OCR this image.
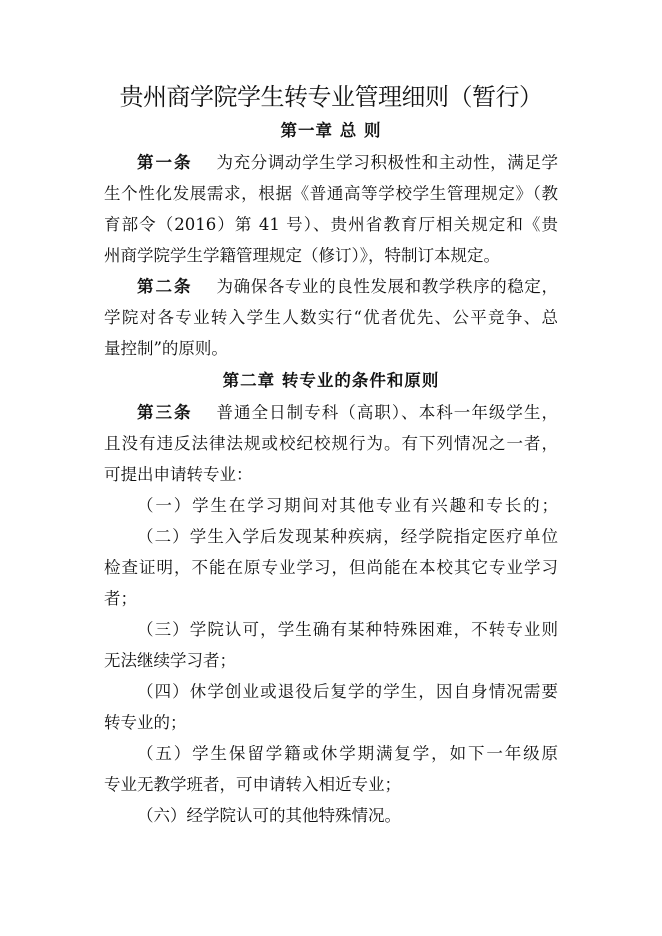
贵州商学院学生转专业管理细则（暂行）
第一章 总 则
第一条 为充分调动学生学习积极性和主动性，满足学
生个性化发展需求，根据《普通高等学校学生管理规定》（教
育部令（2016）第 41 号）、贵州省教育厅相关规定和《贵
州商学院学生学籍管理规定（修订）》，特制订本规定。
第二条 为确保各专业的良性发展和教学秩序的稳定，
学院对各专业转入学生人数实行“优者优先、公平竞争、总
量控制”的原则。
第二章 转专业的条件和原则
第三条 普通全日制专科（高职）、本科一年级学生，
且没有违反法律法规或校纪校规行为。有下列情况之一者，
可提出申请转专业：
（一）学生在学习期间对其他专业有兴趣和专长的；
（二）学生入学后发现某种疾病，经学院指定医疗单位
检查证明，不能在原专业学习，但尚能在本校其它专业学习
者；
（三）学院认可，学生确有某种特殊困难，不转专业则
无法继续学习者；
（四）休学创业或退役后复学的学生，因自身情况需要
转专业的；
（五）学生保留学籍或休学期满复学，如下一年级原
专业无教学班者，可申请转入相近专业；
（六）经学院认可的其他特殊情况。
